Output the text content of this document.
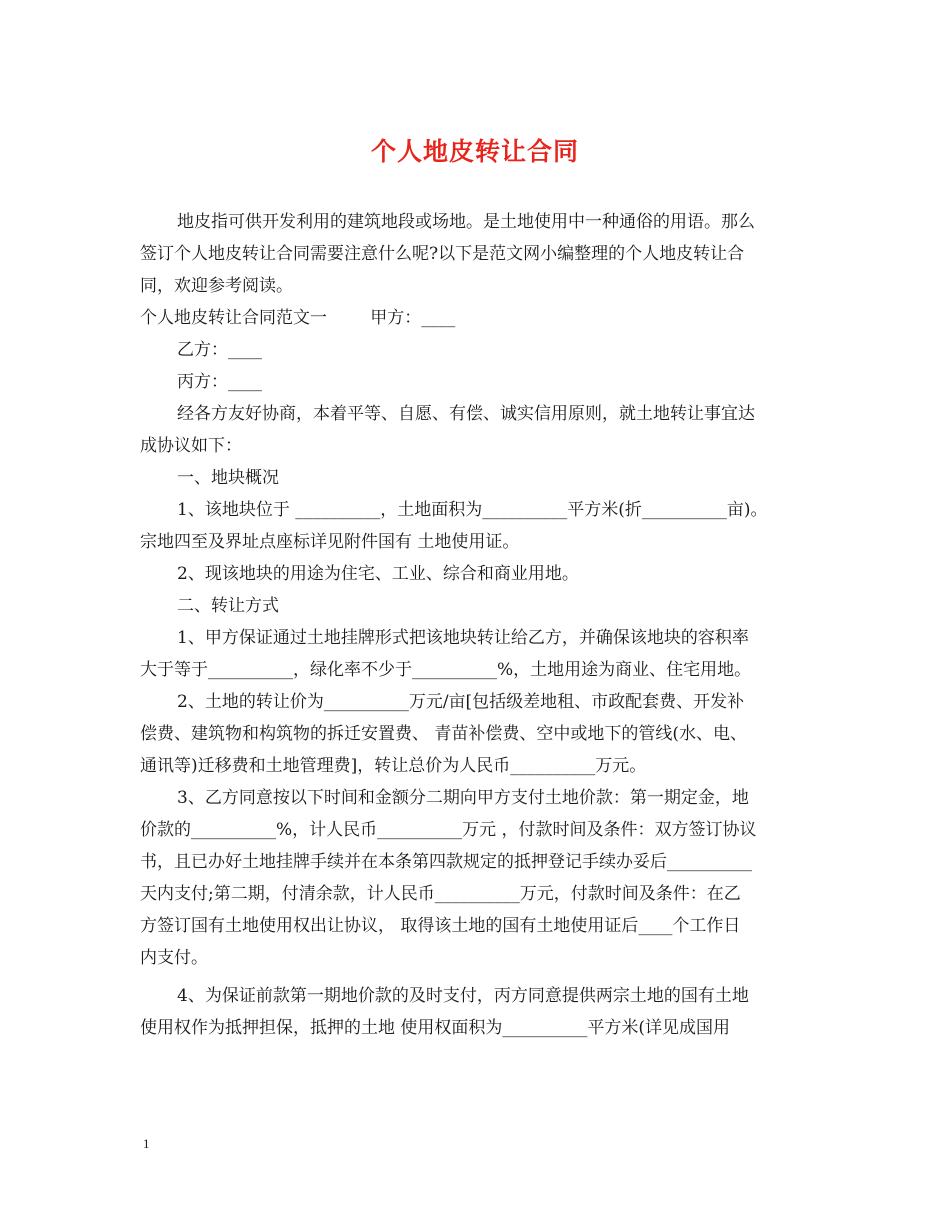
个人地皮转让合同
地皮指可供开发利用的建筑地段或场地。是土地使用中一种通俗的用语。那么
签订个人地皮转让合同需要注意什么呢?以下是范文网小编整理的个人地皮转让合
同，欢迎参考阅读。
个人地皮转让合同范文一        甲方：____
乙方：____
丙方：____
经各方友好协商，本着平等、自愿、有偿、诚实信用原则，就土地转让事宜达
成协议如下：
一、地块概况
1、该地块位于 __________，土地面积为__________平方米(折__________亩)。
宗地四至及界址点座标详见附件国有 土地使用证。
2、现该地块的用途为住宅、工业、综合和商业用地。
二、转让方式
1、甲方保证通过土地挂牌形式把该地块转让给乙方，并确保该地块的容积率
大于等于__________，绿化率不少于__________%，土地用途为商业、住宅用地。
2、土地的转让价为__________万元/亩[包括级差地租、市政配套费、开发补
偿费、建筑物和构筑物的拆迁安置费、 青苗补偿费、空中或地下的管线(水、电、
通讯等)迁移费和土地管理费]，转让总价为人民币__________万元。
3、乙方同意按以下时间和金额分二期向甲方支付土地价款：第一期定金，地
价款的__________%，计人民币__________万元 ，付款时间及条件：双方签订协议
书，且已办好土地挂牌手续并在本条第四款规定的抵押登记手续办妥后__________
天内支付;第二期，付清余款，计人民币__________万元，付款时间及条件：在乙
方签订国有土地使用权出让协议， 取得该土地的国有土地使用证后____个工作日
内支付。
4、为保证前款第一期地价款的及时支付，丙方同意提供两宗土地的国有土地
使用权作为抵押担保，抵押的土地 使用权面积为__________平方米(详见成国用
1
